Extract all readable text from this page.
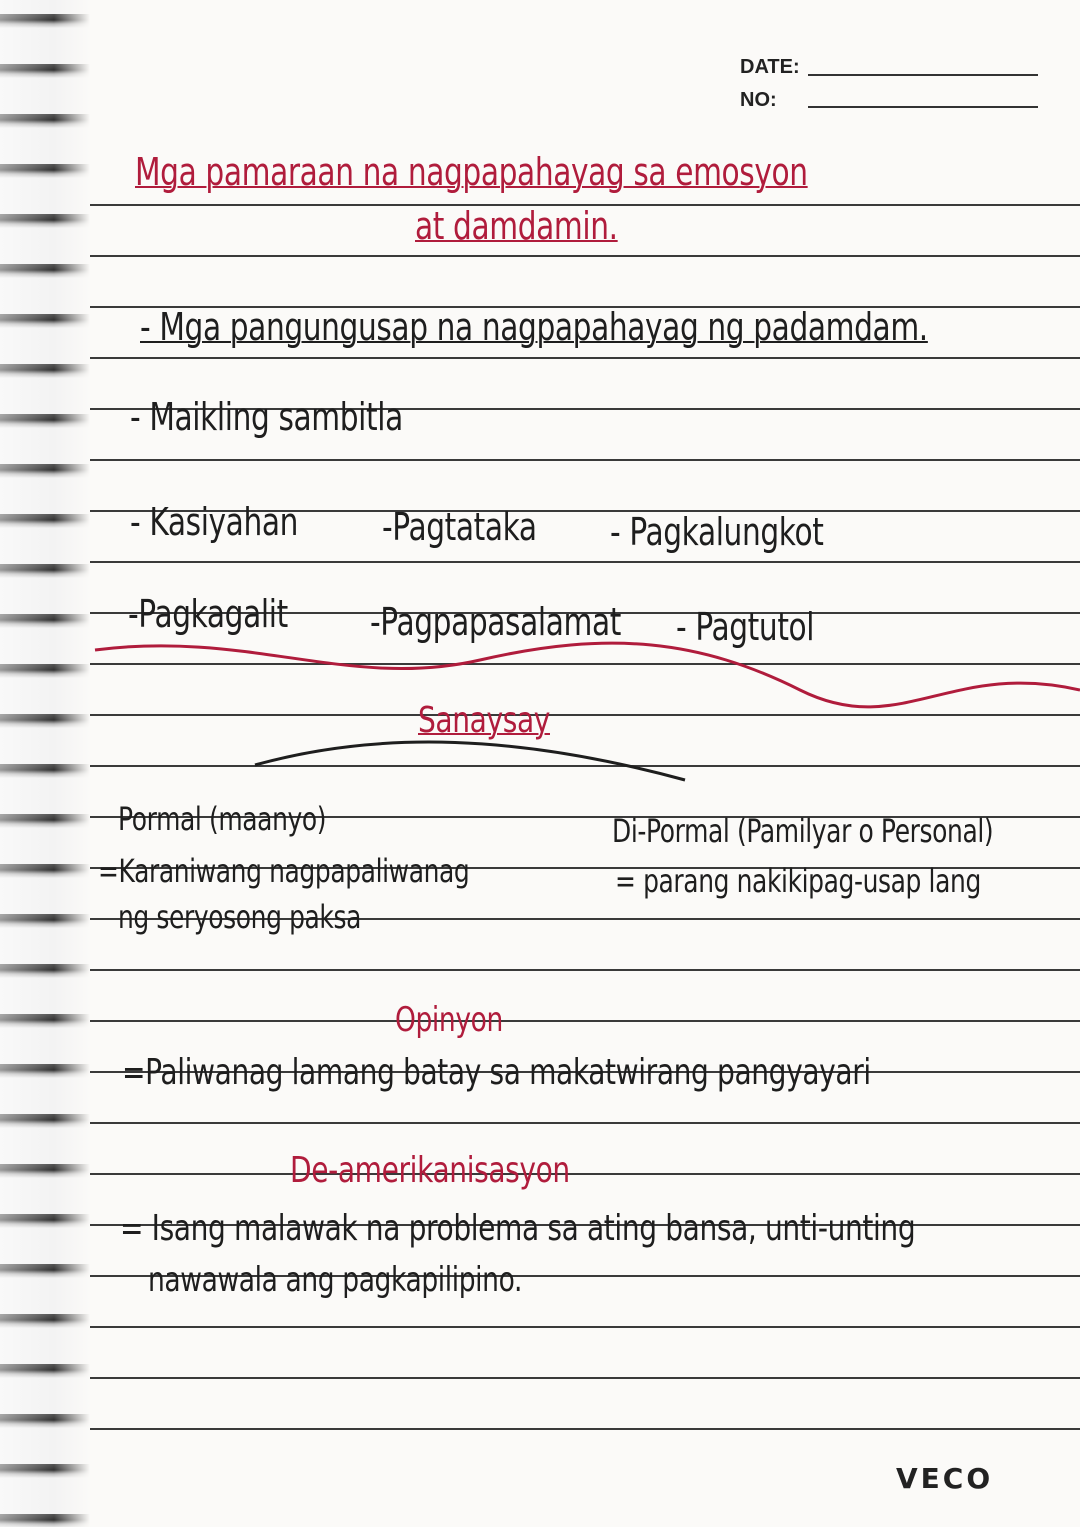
DATE:
NO:
Mga pamaraan na nagpapahayag sa emosyon
at damdamin.
- Mga pangungusap na nagpapahayag ng padamdam.
- Maikling sambitla
- Kasiyahan -Pagtataka - Pagkalungkot
-Pagkagalit -Pagpapasalamat - Pagtutol
Sanaysay
Pormal (maanyo)
=Karaniwang nagpapaliwanag
ng seryosong paksa
Di-Pormal (Pamilyar o Personal)
= parang nakikipag-usap lang
Opinyon
=Paliwanag lamang batay sa makatwirang pangyayari
De-amerikanisasyon
= Isang malawak na problema sa ating bansa, unti-unting
nawawala ang pagkapilipino.
VECO
